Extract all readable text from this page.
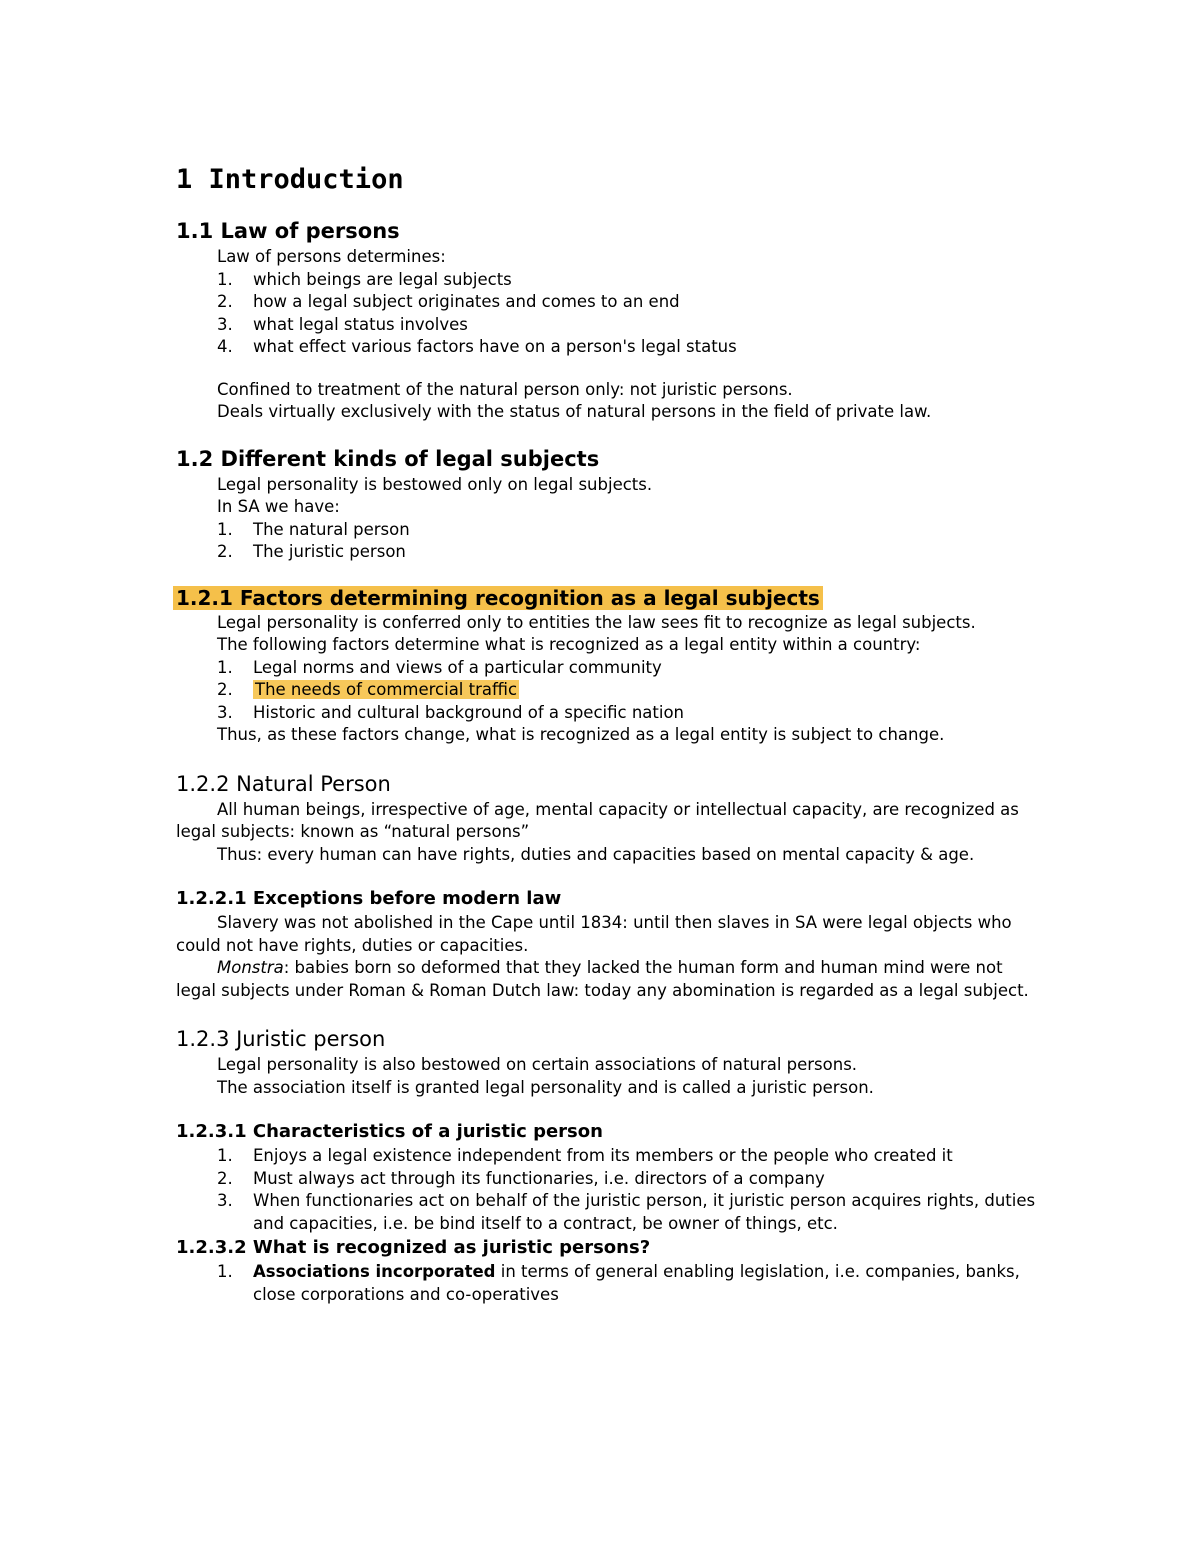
1 Introduction
1.1 Law of persons
Law of persons determines:
1.	which beings are legal subjects
2.	how a legal subject originates and comes to an end
3.	what legal status involves
4.	what effect various factors have on a person's legal status
Confined to treatment of the natural person only: not juristic persons.
Deals virtually exclusively with the status of natural persons in the field of private law.
1.2 Different kinds of legal subjects
Legal personality is bestowed only on legal subjects.
In SA we have:
1.	The natural person
2.	The juristic person
1.2.1 Factors determining recognition as a legal subjects
Legal personality is conferred only to entities the law sees fit to recognize as legal subjects.
The following factors determine what is recognized as a legal entity within a country:
1.	Legal norms and views of a particular community
2.	The needs of commercial traffic
3.	Historic and cultural background of a specific nation
Thus, as these factors change, what is recognized as a legal entity is subject to change.
1.2.2 Natural Person
All human beings, irrespective of age, mental capacity or intellectual capacity, are recognized as legal subjects: known as “natural persons”
Thus: every human can have rights, duties and capacities based on mental capacity & age.
1.2.2.1 Exceptions before modern law
Slavery was not abolished in the Cape until 1834: until then slaves in SA were legal objects who could not have rights, duties or capacities.
Monstra: babies born so deformed that they lacked the human form and human mind were not legal subjects under Roman & Roman Dutch law: today any abomination is regarded as a legal subject.
1.2.3 Juristic person
Legal personality is also bestowed on certain associations of natural persons.
The association itself is granted legal personality and is called a juristic person.
1.2.3.1 Characteristics of a juristic person
1.	Enjoys a legal existence independent from its members or the people who created it
2.	Must always act through its functionaries, i.e. directors of a company
3.	When functionaries act on behalf of the juristic person, it juristic person acquires rights, duties and capacities, i.e. be bind itself to a contract, be owner of things, etc.
1.2.3.2 What is recognized as juristic persons?
1.	Associations incorporated in terms of general enabling legislation, i.e. companies, banks, close corporations and co-operatives
